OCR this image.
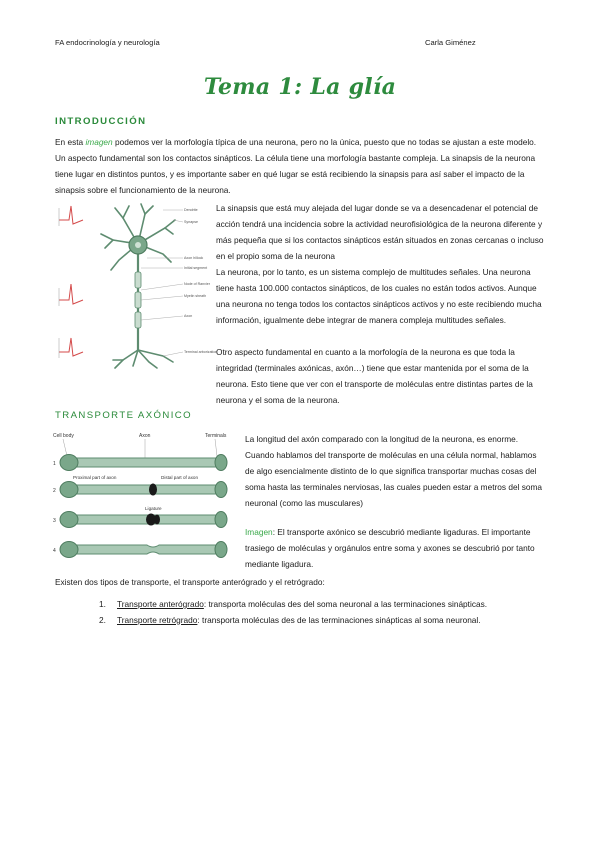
FA endocrinología y neurología	Carla Giménez
Tema 1: La glía
INTRODUCCIÓN
En esta imagen podemos ver la morfología típica de una neurona, pero no la única, puesto que no todas se ajustan a este modelo. Un aspecto fundamental son los contactos sinápticos. La célula tiene una morfología bastante compleja. La sinapsis de la neurona tiene lugar en distintos puntos, y es importante saber en qué lugar se está recibiendo la sinapsis para así saber el impacto de la sinapsis sobre el funcionamiento de la neurona.
Dendrite
Synapse
Axon hillock
Initial segment
Node of Ranvier
Myelin sheath
Axon
Terminal arborization
La sinapsis que está muy alejada del lugar donde se va a desencadenar el potencial de acción tendrá una incidencia sobre la actividad neurofisiológica de la neurona diferente y más pequeña que si los contactos sinápticos están situados en zonas cercanas o incluso en el propio soma de la neurona
La neurona, por lo tanto, es un sistema complejo de multitudes señales. Una neurona tiene hasta 100.000 contactos sinápticos, de los cuales no están todos activos. Aunque una neurona no tenga todos los contactos sinápticos activos y no este recibiendo mucha información, igualmente debe integrar de manera compleja multitudes señales.
Otro aspecto fundamental en cuanto a la morfología de la neurona es que toda la integridad (terminales axónicas, axón…) tiene que estar mantenida por el soma de la neurona. Esto tiene que ver con el transporte de moléculas entre distintas partes de la neurona y el soma de la neurona.
TRANSPORTE AXÓNICO
Cell body	Axon	Terminals
Proximal part of axon	Distal part of axon
Ligature
1
2
3
4
La longitud del axón comparado con la longitud de la neurona, es enorme. Cuando hablamos del transporte de moléculas en una célula normal, hablamos de algo esencialmente distinto de lo que significa transportar muchas cosas del soma hasta las terminales nerviosas, las cuales pueden estar a metros del soma neuronal (como las musculares)
Imagen: El transporte axónico se descubrió mediante ligaduras. El importante trasiego de moléculas y orgánulos entre soma y axones se descubrió por tanto mediante ligadura.
Existen dos tipos de transporte, el transporte anterógrado y el retrógrado:
1. Transporte anterógrado: transporta moléculas des del soma neuronal a las terminaciones sinápticas.
2. Transporte retrógrado: transporta moléculas des de las terminaciones sinápticas al soma neuronal.
